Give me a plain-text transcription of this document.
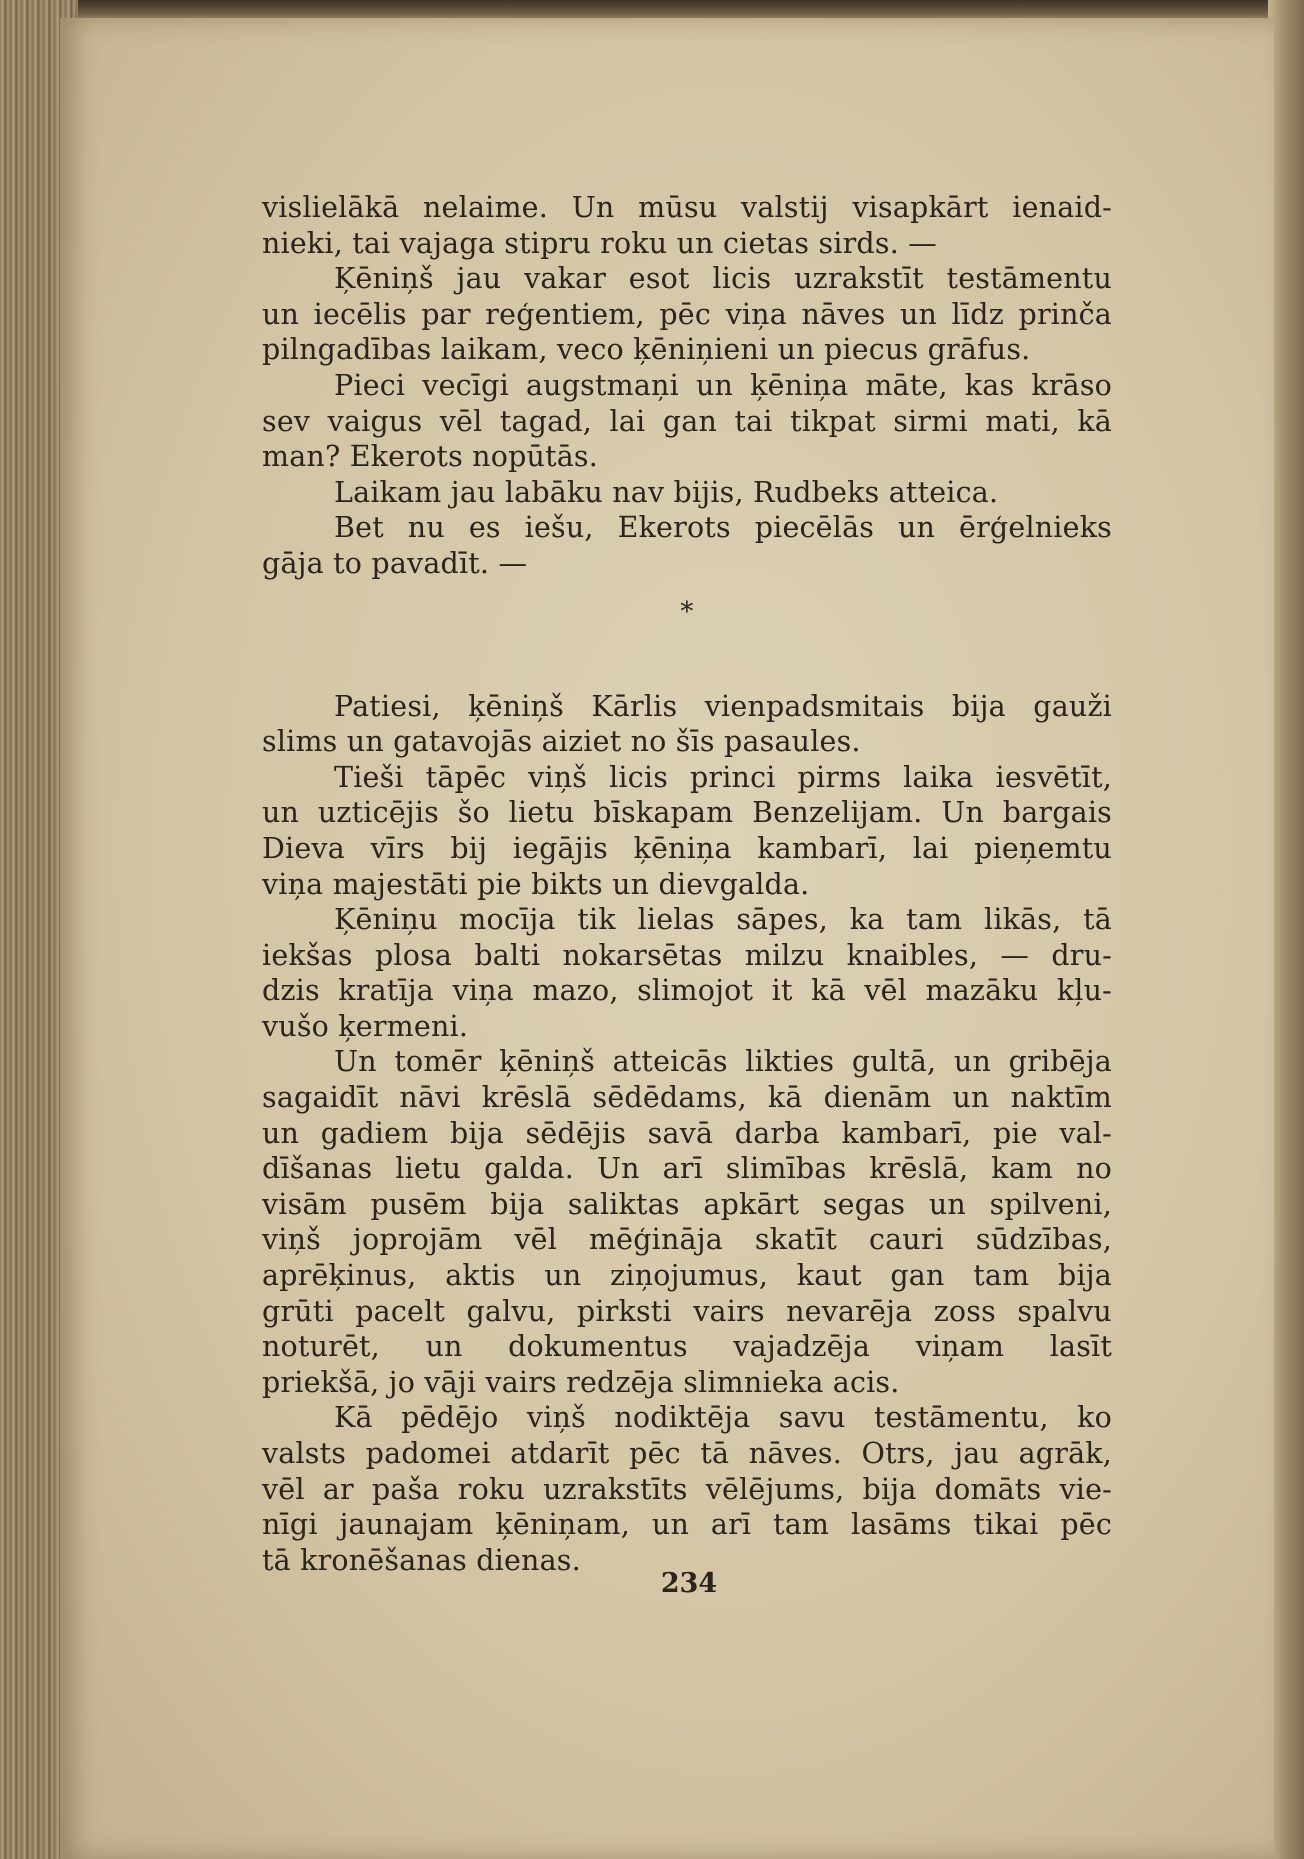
vislielākā nelaime. Un mūsu valstij visapkārt ienaid-
nieki, tai vajaga stipru roku un cietas sirds. —
Ķēniņš jau vakar esot licis uzrakstīt testāmentu
un iecēlis par reģentiem, pēc viņa nāves un līdz prinča
pilngadības laikam, veco ķēniņieni un piecus grāfus.
Pieci vecīgi augstmaņi un ķēniņa māte, kas krāso
sev vaigus vēl tagad, lai gan tai tikpat sirmi mati, kā
man? Ekerots nopūtās.
Laikam jau labāku nav bijis, Rudbeks atteica.
Bet nu es iešu, Ekerots piecēlās un ērģelnieks
gāja to pavadīt. —
*
Patiesi, ķēniņš Kārlis vienpadsmitais bija gauži
slims un gatavojās aiziet no šīs pasaules.
Tieši tāpēc viņš licis princi pirms laika iesvētīt,
un uzticējis šo lietu bīskapam Benzelijam. Un bargais
Dieva vīrs bij iegājis ķēniņa kambarī, lai pieņemtu
viņa majestāti pie bikts un dievgalda.
Ķēniņu mocīja tik lielas sāpes, ka tam likās, tā
iekšas plosa balti nokarsētas milzu knaibles, — dru-
dzis kratīja viņa mazo, slimojot it kā vēl mazāku kļu-
vušo ķermeni.
Un tomēr ķēniņš atteicās likties gultā, un gribēja
sagaidīt nāvi krēslā sēdēdams, kā dienām un naktīm
un gadiem bija sēdējis savā darba kambarī, pie val-
dīšanas lietu galda. Un arī slimības krēslā, kam no
visām pusēm bija saliktas apkārt segas un spilveni,
viņš joprojām vēl mēģināja skatīt cauri sūdzības,
aprēķinus, aktis un ziņojumus, kaut gan tam bija
grūti pacelt galvu, pirksti vairs nevarēja zoss spalvu
noturēt, un dokumentus vajadzēja viņam lasīt
priekšā, jo vāji vairs redzēja slimnieka acis.
Kā pēdējo viņš nodiktēja savu testāmentu, ko
valsts padomei atdarīt pēc tā nāves. Otrs, jau agrāk,
vēl ar paša roku uzrakstīts vēlējums, bija domāts vie-
nīgi jaunajam ķēniņam, un arī tam lasāms tikai pēc
tā kronēšanas dienas.
234
